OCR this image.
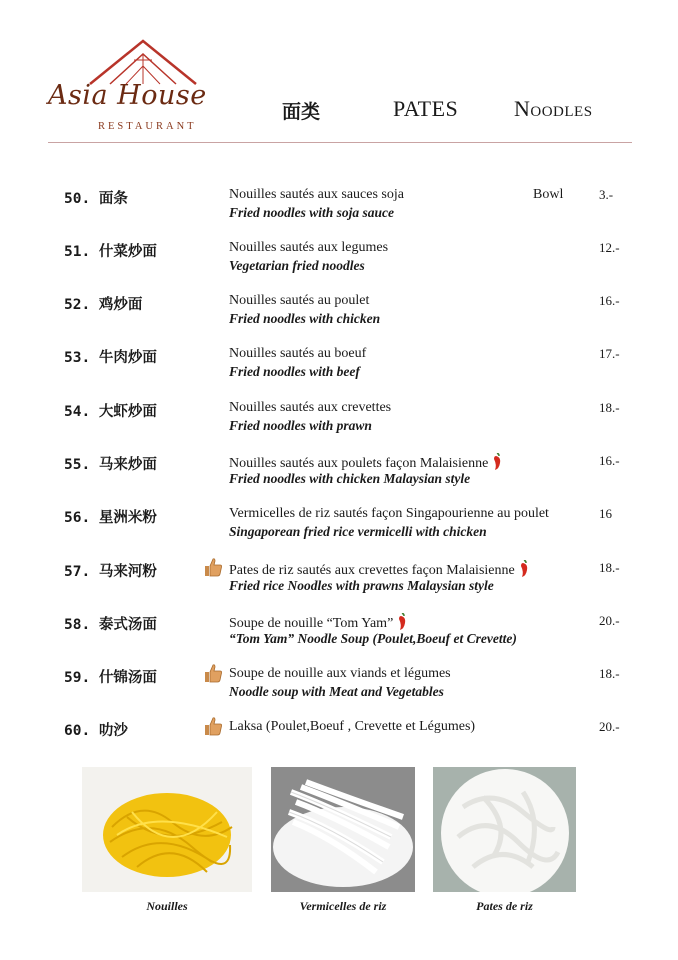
Asia House
RESTAURANT
面类	PATES	Noodles
50. 面条	Nouilles sautés aux sauces soja
Fried noodles with soja sauce
Bowl	3.-
51. 什菜炒面	Nouilles sautés aux legumes
Vegetarian fried noodles
12.-
52. 鸡炒面	Nouilles sautés au poulet
Fried noodles with chicken
16.-
53. 牛肉炒面	Nouilles sautés au boeuf
Fried noodles with beef
17.-
54. 大虾炒面	Nouilles sautés aux crevettes
Fried noodles with prawn
18.-
55. 马来炒面	Nouilles sautés aux poulets façon Malaisienne
Fried noodles with chicken Malaysian style
16.-
56. 星洲米粉	Vermicelles de riz sautés façon Singapourienne au poulet
Singaporean fried rice vermicelli with chicken
16
57. 马来河粉	Pates de riz sautés aux crevettes façon Malaisienne
Fried rice Noodles with prawns Malaysian style
18.-
58. 泰式汤面	Soupe de nouille “Tom Yam”
“Tom Yam” Noodle Soup (Poulet,Boeuf et Crevette)
20.-
59. 什锦汤面	Soupe de nouille aux viands et légumes
Noodle soup with Meat and Vegetables
18.-
60. 叻沙	Laksa (Poulet,Boeuf , Crevette et Légumes)	20.-
Nouilles	Vermicelles de riz	Pates de riz
